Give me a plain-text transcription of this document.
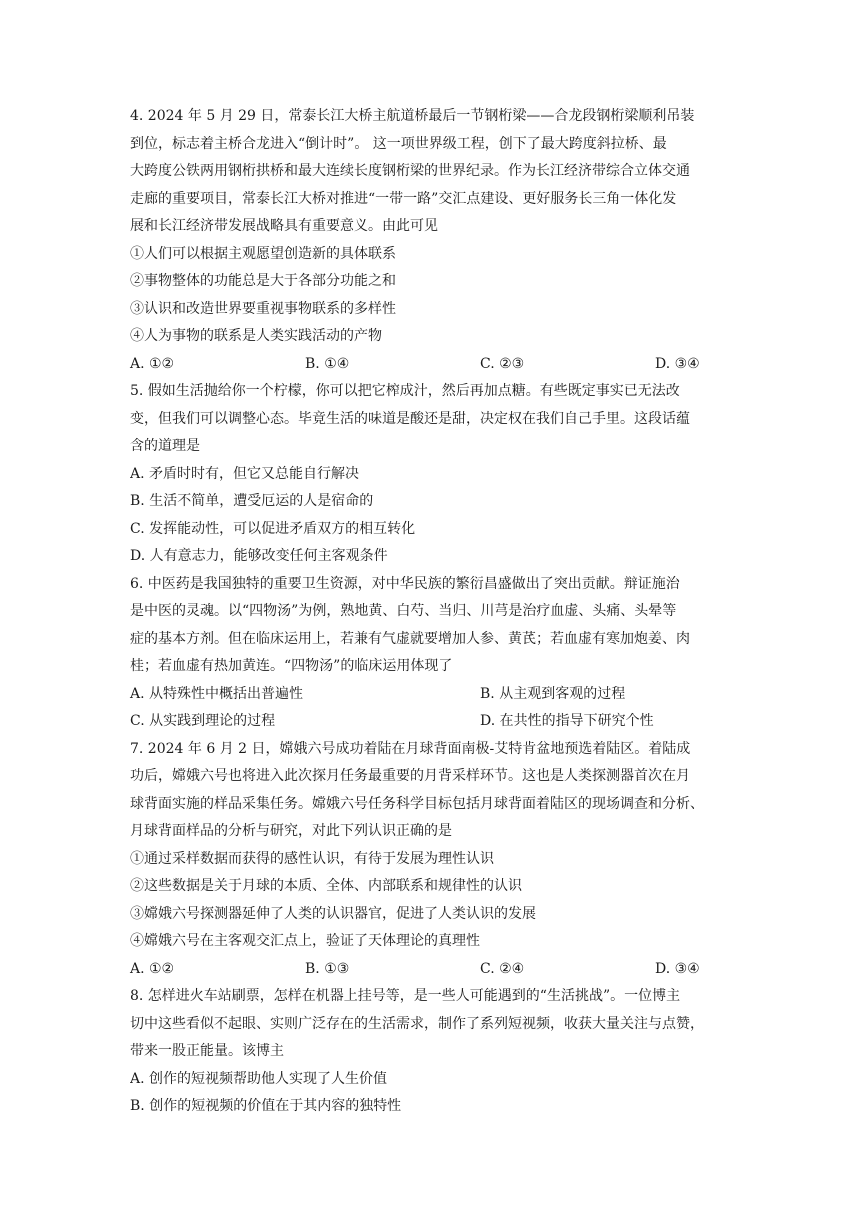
4. 2024 年 5 月 29 日，常泰长江大桥主航道桥最后一节钢桁梁——合龙段钢桁梁顺利吊装
到位，标志着主桥合龙进入“倒计时”。 这一项世界级工程，创下了最大跨度斜拉桥、最
大跨度公铁两用钢桁拱桥和最大连续长度钢桁梁的世界纪录。作为长江经济带综合立体交通
走廊的重要项目，常泰长江大桥对推进“一带一路”交汇点建设、更好服务长三角一体化发
展和长江经济带发展战略具有重要意义。由此可见
①人们可以根据主观愿望创造新的具体联系
②事物整体的功能总是大于各部分功能之和
③认识和改造世界要重视事物联系的多样性
④人为事物的联系是人类实践活动的产物
A. ①②	B. ①④	C. ②③	D. ③④
5. 假如生活抛给你一个柠檬，你可以把它榨成汁，然后再加点糖。有些既定事实已无法改
变，但我们可以调整心态。毕竟生活的味道是酸还是甜，决定权在我们自己手里。这段话蕴
含的道理是
A. 矛盾时时有，但它又总能自行解决
B. 生活不简单，遭受厄运的人是宿命的
C. 发挥能动性，可以促进矛盾双方的相互转化
D. 人有意志力，能够改变任何主客观条件
6. 中医药是我国独特的重要卫生资源，对中华民族的繁衍昌盛做出了突出贡献。辩证施治
是中医的灵魂。以“四物汤”为例，熟地黄、白芍、当归、川芎是治疗血虚、头痛、头晕等
症的基本方剂。但在临床运用上，若兼有气虚就要增加人参、黄芪；若血虚有寒加炮姜、肉
桂；若血虚有热加黄连。“四物汤”的临床运用体现了
A. 从特殊性中概括出普遍性	B. 从主观到客观的过程
C. 从实践到理论的过程	D. 在共性的指导下研究个性
7. 2024 年 6 月 2 日，嫦娥六号成功着陆在月球背面南极-艾特肯盆地预选着陆区。着陆成
功后，嫦娥六号也将进入此次探月任务最重要的月背采样环节。这也是人类探测器首次在月
球背面实施的样品采集任务。嫦娥六号任务科学目标包括月球背面着陆区的现场调查和分析、
月球背面样品的分析与研究，对此下列认识正确的是
①通过采样数据而获得的感性认识，有待于发展为理性认识
②这些数据是关于月球的本质、全体、内部联系和规律性的认识
③嫦娥六号探测器延伸了人类的认识器官，促进了人类认识的发展
④嫦娥六号在主客观交汇点上，验证了天体理论的真理性
A. ①②	B. ①③	C. ②④	D. ③④
8. 怎样进火车站刷票，怎样在机器上挂号等，是一些人可能遇到的“生活挑战”。一位博主
切中这些看似不起眼、实则广泛存在的生活需求，制作了系列短视频，收获大量关注与点赞，
带来一股正能量。该博主
A. 创作的短视频帮助他人实现了人生价值
B. 创作的短视频的价值在于其内容的独特性
